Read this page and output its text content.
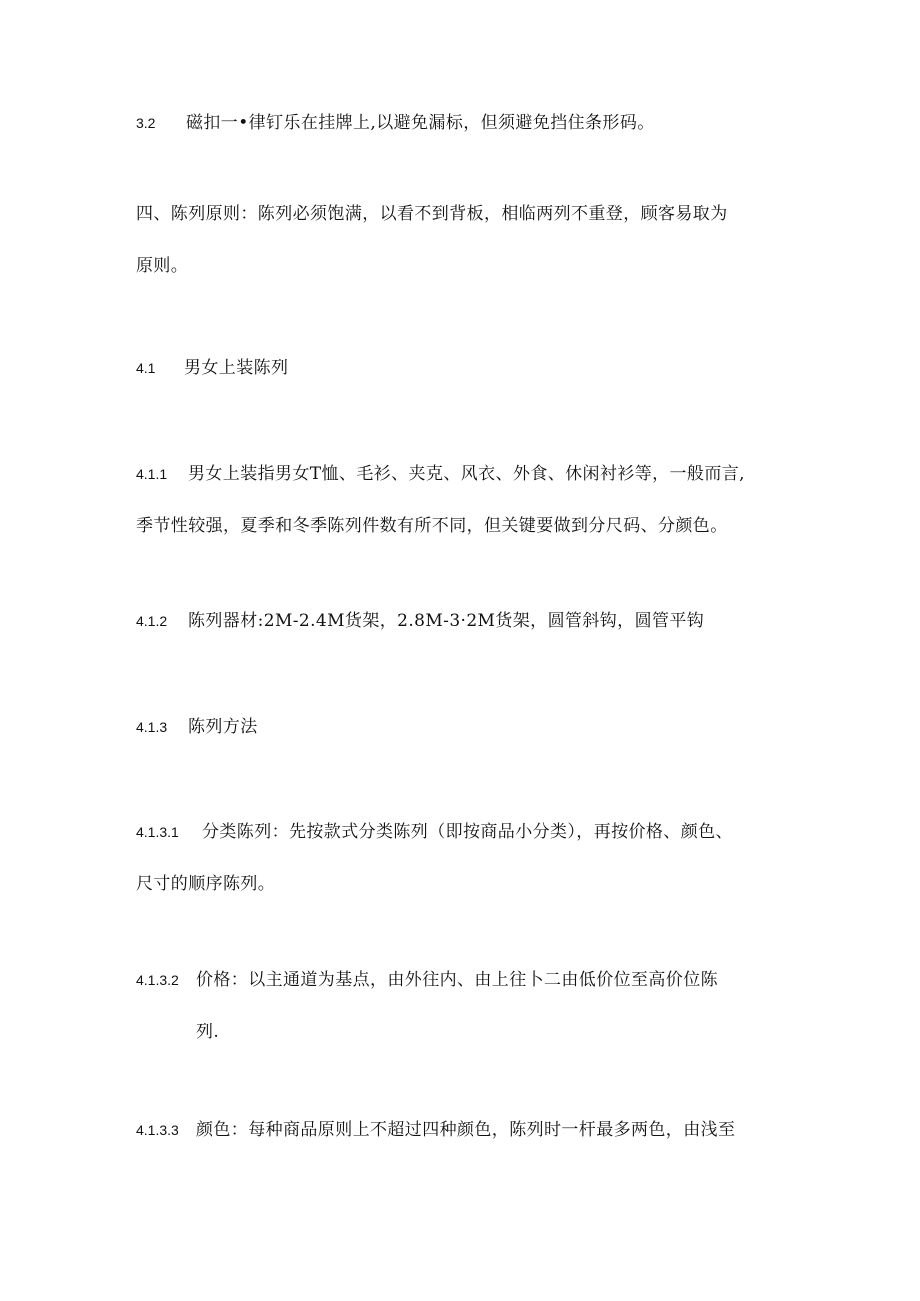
3.2 磁扣一•律钉乐在挂牌上,以避免漏标，但须避免挡住条形码。
四、陈列原则：陈列必须饱满，以看不到背板，相临两列不重登，顾客易取为
原则。
4.1 男女上装陈列
4.1.1 男女上装指男女T恤、毛衫、夹克、风衣、外食、休闲衬衫等，一般而言,
季节性较强，夏季和冬季陈列件数有所不同，但关键要做到分尺码、分颜色。
4.1.2 陈列器材:2M-2.4M货架，2.8M-3·2M货架，圆管斜钩，圆管平钩
4.1.3 陈列方法
4.1.3.1 分类陈列：先按款式分类陈列（即按商品小分类），再按价格、颜色、
尺寸的顺序陈列。
4.1.3.2 价格：以主通道为基点，由外往内、由上往卜二由低价位至高价位陈
列.
4.1.3.3 颜色：每种商品原则上不超过四种颜色，陈列时一杆最多两色，由浅至
